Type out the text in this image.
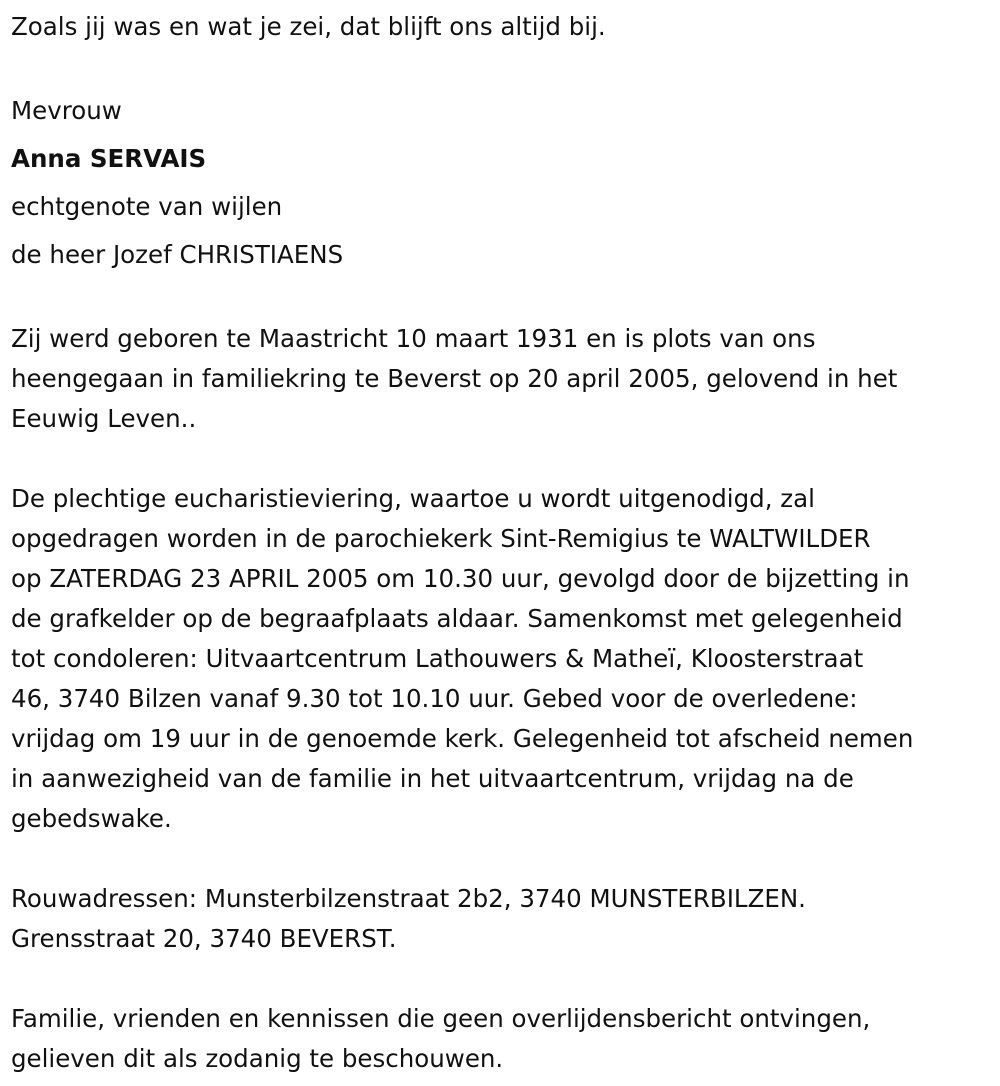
Zoals jij was en wat je zei, dat blijft ons altijd bij.

Mevrouw

Anna SERVAIS

echtgenote van wijlen

de heer Jozef CHRISTIAENS

Zij werd geboren te Maastricht 10 maart 1931 en is plots van ons

heengegaan in familiekring te Beverst op 20 april 2005, gelovend in het

Eeuwig Leven..

De plechtige eucharistieviering, waartoe u wordt uitgenodigd, zal

opgedragen worden in de parochiekerk Sint-Remigius te WALTWILDER

op ZATERDAG 23 APRIL 2005 om 10.30 uur, gevolgd door de bijzetting in

de grafkelder op de begraafplaats aldaar. Samenkomst met gelegenheid

tot condoleren: Uitvaartcentrum Lathouwers & Matheï, Kloosterstraat

46, 3740 Bilzen vanaf 9.30 tot 10.10 uur. Gebed voor de overledene:

vrijdag om 19 uur in de genoemde kerk. Gelegenheid tot afscheid nemen

in aanwezigheid van de familie in het uitvaartcentrum, vrijdag na de

gebedswake.

Rouwadressen: Munsterbilzenstraat 2b2, 3740 MUNSTERBILZEN.

Grensstraat 20, 3740 BEVERST.

Familie, vrienden en kennissen die geen overlijdensbericht ontvingen,

gelieven dit als zodanig te beschouwen.
